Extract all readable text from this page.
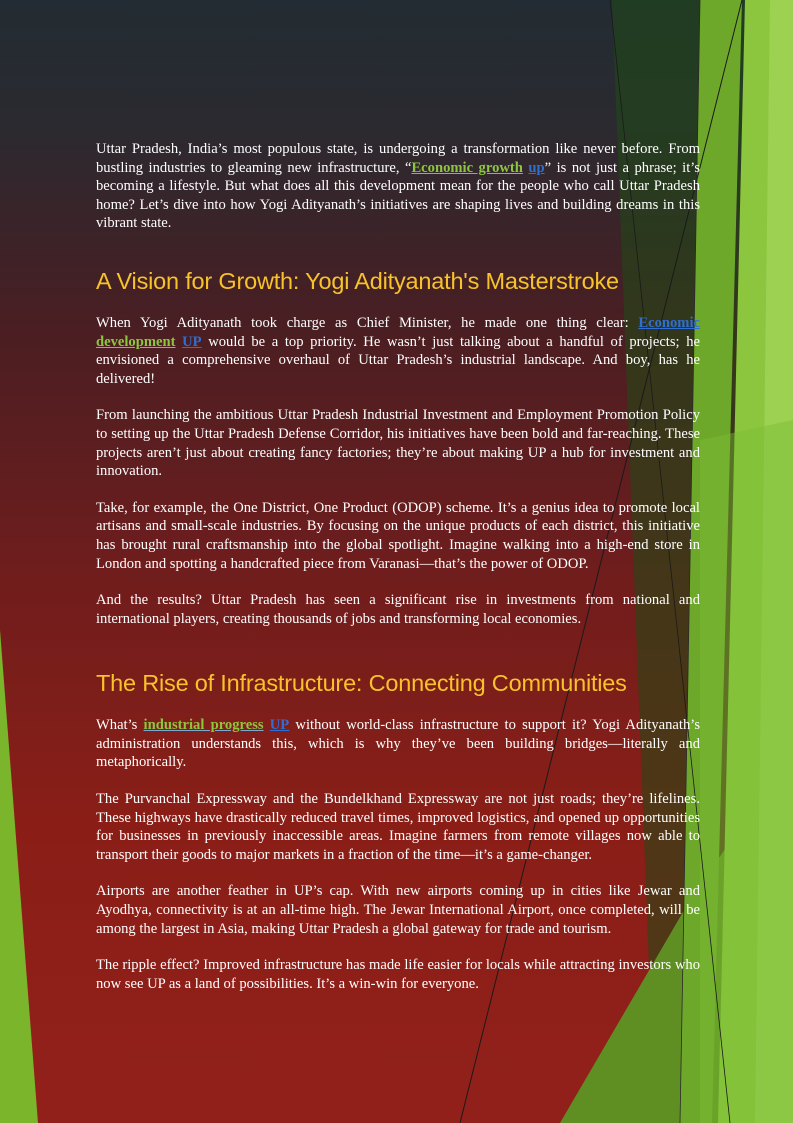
Uttar Pradesh, India’s most populous state, is undergoing a transformation like never before. From bustling industries to gleaming new infrastructure, “Economic growth up” is not just a phrase; it’s becoming a lifestyle. But what does all this development mean for the people who call Uttar Pradesh home? Let’s dive into how Yogi Adityanath’s initiatives are shaping lives and building dreams in this vibrant state.

A Vision for Growth: Yogi Adityanath's Masterstroke

When Yogi Adityanath took charge as Chief Minister, he made one thing clear: Economic development UP would be a top priority. He wasn’t just talking about a handful of projects; he envisioned a comprehensive overhaul of Uttar Pradesh’s industrial landscape. And boy, has he delivered!

From launching the ambitious Uttar Pradesh Industrial Investment and Employment Promotion Policy to setting up the Uttar Pradesh Defense Corridor, his initiatives have been bold and far-reaching. These projects aren’t just about creating fancy factories; they’re about making UP a hub for investment and innovation.

Take, for example, the One District, One Product (ODOP) scheme. It’s a genius idea to promote local artisans and small-scale industries. By focusing on the unique products of each district, this initiative has brought rural craftsmanship into the global spotlight. Imagine walking into a high-end store in London and spotting a handcrafted piece from Varanasi—that’s the power of ODOP.

And the results? Uttar Pradesh has seen a significant rise in investments from national and international players, creating thousands of jobs and transforming local economies.

The Rise of Infrastructure: Connecting Communities

What’s industrial progress UP without world-class infrastructure to support it? Yogi Adityanath’s administration understands this, which is why they’ve been building bridges—literally and metaphorically.

The Purvanchal Expressway and the Bundelkhand Expressway are not just roads; they’re lifelines. These highways have drastically reduced travel times, improved logistics, and opened up opportunities for businesses in previously inaccessible areas. Imagine farmers from remote villages now able to transport their goods to major markets in a fraction of the time—it’s a game-changer.

Airports are another feather in UP’s cap. With new airports coming up in cities like Jewar and Ayodhya, connectivity is at an all-time high. The Jewar International Airport, once completed, will be among the largest in Asia, making Uttar Pradesh a global gateway for trade and tourism.

The ripple effect? Improved infrastructure has made life easier for locals while attracting investors who now see UP as a land of possibilities. It’s a win-win for everyone.
